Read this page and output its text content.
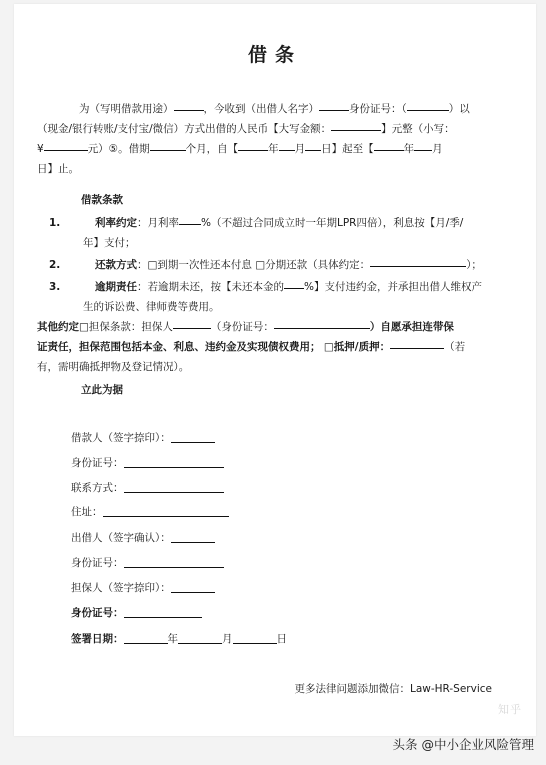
借条
为（写明借款用途）	，今收到（出借人名字）	身份证号：（	）以
（现金/银行转账/支付宝/微信）方式出借的人民币【大写金额：	】元整（小写：
¥	元）⑤。借期	个月，自【	年 月 日】起至【	年 月
日】止。
借款条款
1.	利率约定：月利率 %（不超过合同成立时一年期LPR四倍），利息按【月/季/
年】支付；
2.	还款方式：□到期一次性还本付息 □分期还款（具体约定：	）；
3.	逾期责任：若逾期未还，按【未还本金的 %】支付违约金，并承担出借人维权产
生的诉讼费、律师费等费用。
其他约定□担保条款：担保人	（身份证号：	）自愿承担连带保
证责任，担保范围包括本金、利息、违约金及实现债权费用； □抵押/质押：	（若
有，需明确抵押物及登记情况）。
立此为据
借款人（签字捺印）：
身份证号：
联系方式：
住址：
出借人（签字确认）：
身份证号：
担保人（签字捺印）：
身份证号：
签署日期：	年	月	日
更多法律问题添加微信：Law-HR-Service
知乎
头条 @中小企业风险管理
